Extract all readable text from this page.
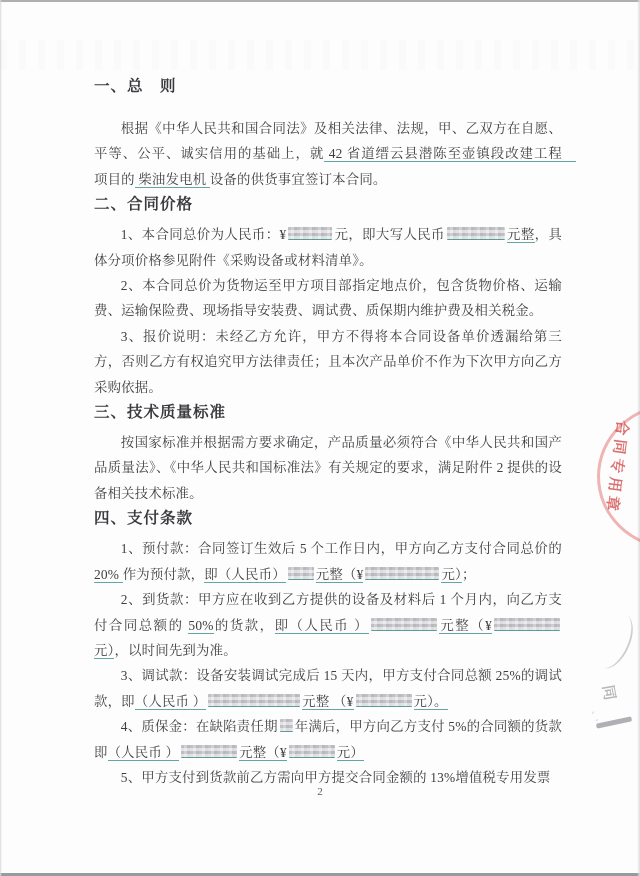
一、总　则

根据《中华人民共和国合同法》及相关法律、法规，甲、乙双方在自愿、平等、公平、诚实信用的基础上，就 42 省道缙云县潜陈至壶镇段改建工程　项目的 柴油发电机 设备的供货事宜签订本合同。

二、合同价格

1、本合同总价为人民币：¥	元，即大写人民币	元整，具体分项价格参见附件《采购设备或材料清单》。

2、本合同总价为货物运至甲方项目部指定地点价，包含货物价格、运输费、运输保险费、现场指导安装费、调试费、质保期内维护费及相关税金。

3、报价说明：未经乙方允许，甲方不得将本合同设备单价透漏给第三方，否则乙方有权追究甲方法律责任；且本次产品单价不作为下次甲方向乙方采购依据。

三、技术质量标准

按国家标准并根据需方要求确定，产品质量必须符合《中华人民共和国产品质量法》、《中华人民共和国标准法》有关规定的要求，满足附件 2 提供的设备相关技术标准。

四、支付条款

1、预付款：合同签订生效后 5 个工作日内，甲方向乙方支付合同总价的 20% 作为预付款，即（人民币） 元整（¥	元）；

2、到货款：甲方应在收到乙方提供的设备及材料后 1 个月内，向乙方支付合同总额的 50%的货款，即（人民币 ）	元整（¥元），以时间先到为准。

3、调试款：设备安装调试完成后 15 天内，甲方支付合同总额 25%的调试款，即（人民币 ）	元整 （¥	元）。

4、质保金：在缺陷责任期 年满后，甲方向乙方支付 5%的合同额的货款即（人民币 ）	元整（¥	元）

5、甲方支付到货款前乙方需向甲方提交合同金额的 13%增值税专用发票

2
合同专用章
同
、,
